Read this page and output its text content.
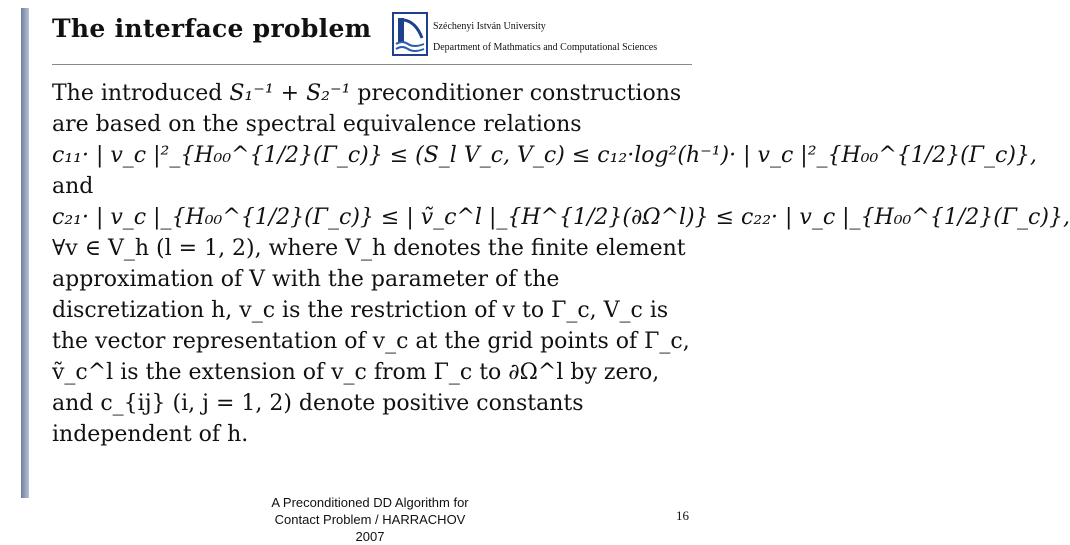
The interface problem	Széchenyi István University
Department of Mathmatics and Computational Sciences

The introduced S₁⁻¹ + S₂⁻¹ preconditioner constructions are based on the spectral equivalence relations

c₁₁· | v_c |²_{H₀₀^{1/2}(Γ_c)} ≤ (S_l V_c, V_c) ≤ c₁₂·log²(h⁻¹)· | v_c |²_{H₀₀^{1/2}(Γ_c)},

and

c₂₁· | v_c |_{H₀₀^{1/2}(Γ_c)} ≤ | ṽ_c^l |_{H^{1/2}(∂Ω^l)} ≤ c₂₂· | v_c |_{H₀₀^{1/2}(Γ_c)},

∀v ∈ V_h (l = 1, 2), where V_h denotes the finite element approximation of V with the parameter of the discretization h, v_c is the restriction of v to Γ_c, V_c is the vector representation of v_c at the grid points of Γ_c, ṽ_c^l is the extension of v_c from Γ_c to ∂Ω^l by zero, and c_{ij} (i, j = 1, 2) denote positive constants independent of h.

A Preconditioned DD Algorithm for
Contact Problem / HARRACHOV
2007
16
